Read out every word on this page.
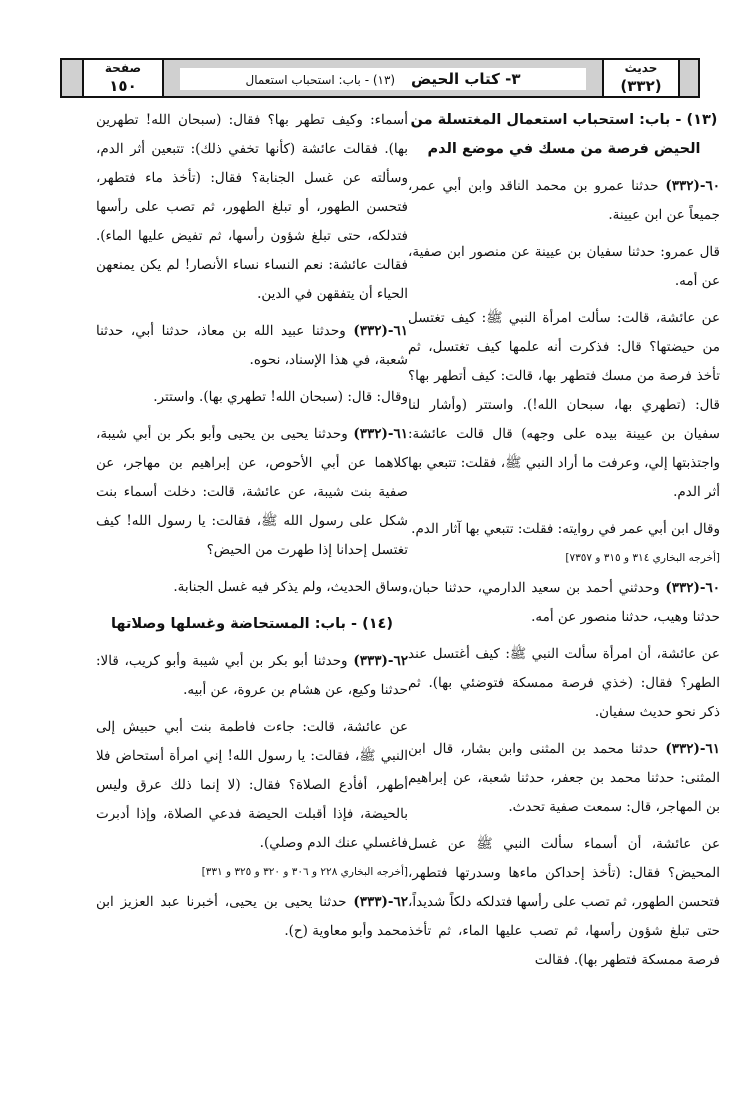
حديث
(٣٣٢)
٣- كتاب الحيض (١٣) - باب: استحباب استعمال
صفحة
١٥٠
(١٣) - باب: استحباب استعمال المغتسلة من الحيض فرصة من مسك في موضع الدم

٦٠-(٣٣٢) حدثنا عمرو بن محمد الناقد وابن أبي عمر، جميعاً عن ابن عيينة.

قال عمرو: حدثنا سفيان بن عيينة عن منصور ابن صفية، عن أمه.

عن عائشة، قالت: سألت امرأة النبي ﷺ: كيف تغتسل من حيضتها؟ قال: فذكرت أنه علمها كيف تغتسل، ثم تأخذ فرصة من مسك فتطهر بها، قالت: كيف أتطهر بها؟ قال: (تطهري بها، سبحان الله!). واستتر (وأشار لنا سفيان بن عيينة بيده على وجهه) قال قالت عائشة: واجتذبتها إلي، وعرفت ما أراد النبي ﷺ، فقلت: تتبعي بها أثر الدم.

وقال ابن أبي عمر في روايته: فقلت: تتبعي بها آثار الدم.

[أخرجه البخاري ٣١٤ و ٣١٥ و ٧٣٥٧]

٦٠-(٣٣٢) وحدثني أحمد بن سعيد الدارمي، حدثنا حبان، حدثنا وهيب، حدثنا منصور عن أمه.

عن عائشة، أن امرأة سألت النبي ﷺ: كيف أغتسل عند الطهر؟ فقال: (خذي فرصة ممسكة فتوضئي بها). ثم ذكر نحو حديث سفيان.

٦١-(٣٣٢) حدثنا محمد بن المثنى وابن بشار، قال ابن المثنى: حدثنا محمد بن جعفر، حدثنا شعبة، عن إبراهيم بن المهاجر، قال: سمعت صفية تحدث.

عن عائشة، أن أسماء سألت النبي ﷺ عن غسل المحيض؟ فقال: (تأخذ إحداكن ماءها وسدرتها فتطهر، فتحسن الطهور، ثم تصب على رأسها فتدلكه دلكاً شديداً، حتى تبلغ شؤون رأسها، ثم تصب عليها الماء، ثم تأخذ فرصة ممسكة فتطهر بها). فقالت

أسماء: وكيف تطهر بها؟ فقال: (سبحان الله! تطهرين بها). فقالت عائشة (كأنها تخفي ذلك): تتبعين أثر الدم، وسألته عن غسل الجنابة؟ فقال: (تأخذ ماء فتطهر، فتحسن الطهور، أو تبلغ الطهور، ثم تصب على رأسها فتدلكه، حتى تبلغ شؤون رأسها، ثم تفيض عليها الماء). فقالت عائشة: نعم النساء نساء الأنصار! لم يكن يمنعهن الحياء أن يتفقهن في الدين.

٦١-(٣٣٢) وحدثنا عبيد الله بن معاذ، حدثنا أبي، حدثنا شعبة، في هذا الإسناد، نحوه.

وقال: قال: (سبحان الله! تطهري بها). واستتر.

٦١-(٣٣٢) وحدثنا يحيى بن يحيى وأبو بكر بن أبي شيبة، كلاهما عن أبي الأحوص، عن إبراهيم بن مهاجر، عن صفية بنت شيبة، عن عائشة، قالت: دخلت أسماء بنت شكل على رسول الله ﷺ، فقالت: يا رسول الله! كيف تغتسل إحدانا إذا طهرت من الحيض؟

وساق الحديث، ولم يذكر فيه غسل الجنابة.

(١٤) - باب: المستحاضة وغسلها وصلاتها

٦٢-(٣٣٣) وحدثنا أبو بكر بن أبي شيبة وأبو كريب، قالا: حدثنا وكيع، عن هشام بن عروة، عن أبيه.

عن عائشة، قالت: جاءت فاطمة بنت أبي حبيش إلى النبي ﷺ، فقالت: يا رسول الله! إني امرأة أستحاض فلا أطهر، أفأدع الصلاة؟ فقال: (لا إنما ذلك عرق وليس بالحيضة، فإذا أقبلت الحيضة فدعي الصلاة، وإذا أدبرت فاغسلي عنك الدم وصلي).

[أخرجه البخاري ٢٢٨ و ٣٠٦ و ٣٢٠ و ٣٢٥ و ٣٣١]

٦٢-(٣٣٣) حدثنا يحيى بن يحيى، أخبرنا عبد العزيز ابن محمد وأبو معاوية (ح).
